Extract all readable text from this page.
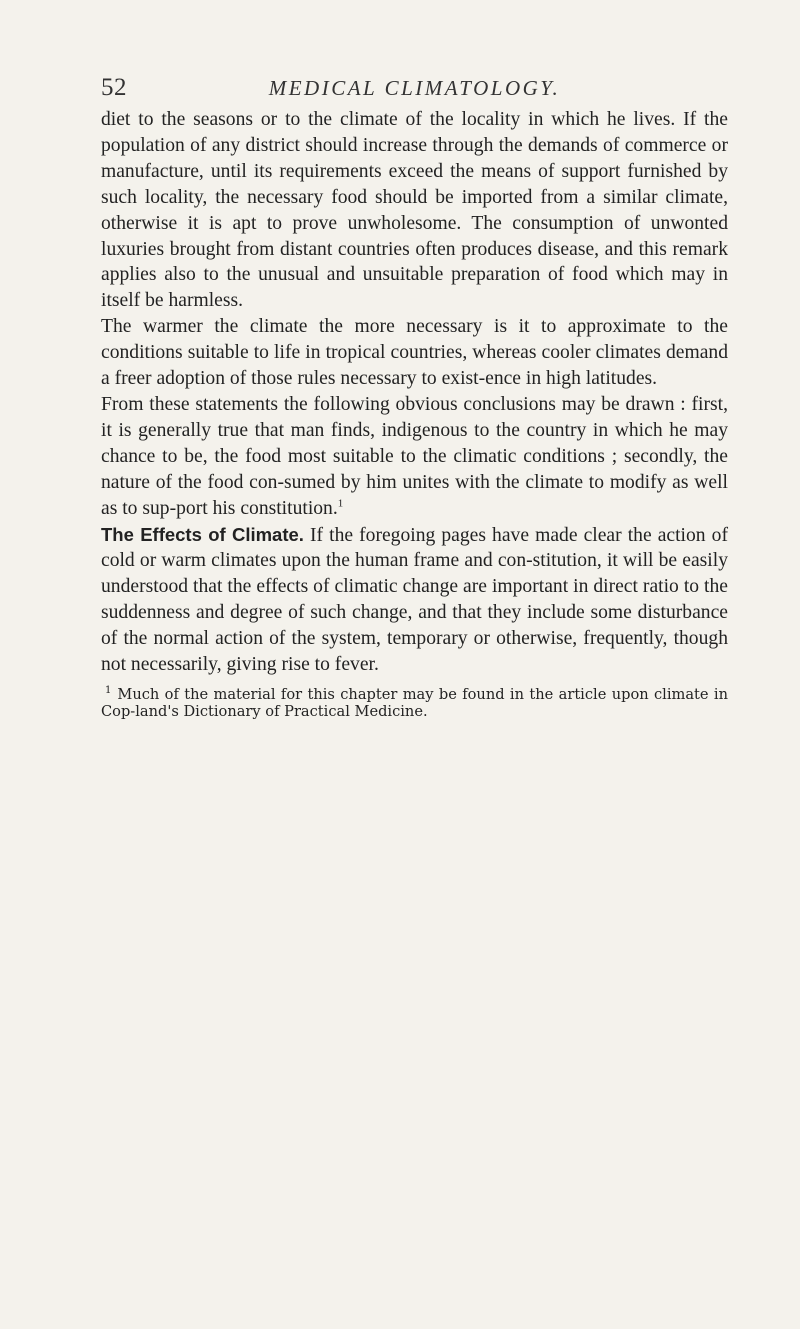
52	MEDICAL CLIMATOLOGY.

diet to the seasons or to the climate of the locality in which he lives. If the population of any district should increase through the demands of commerce or manufacture, until its requirements exceed the means of support furnished by such locality, the necessary food should be imported from a similar climate, otherwise it is apt to prove unwholesome. The consumption of unwonted luxuries brought from distant countries often produces disease, and this remark applies also to the unusual and unsuitable preparation of food which may in itself be harmless.

The warmer the climate the more necessary is it to approximate to the conditions suitable to life in tropical countries, whereas cooler climates demand a freer adoption of those rules necessary to exist-ence in high latitudes.

From these statements the following obvious conclusions may be drawn : first, it is generally true that man finds, indigenous to the country in which he may chance to be, the food most suitable to the climatic conditions ; secondly, the nature of the food con-sumed by him unites with the climate to modify as well as to sup-port his constitution.$^1$

The Effects of Climate. If the foregoing pages have made clear the action of cold or warm climates upon the human frame and con-stitution, it will be easily understood that the effects of climatic change are important in direct ratio to the suddenness and degree of such change, and that they include some disturbance of the normal action of the system, temporary or otherwise, frequently, though not necessarily, giving rise to fever.

$^1$ Much of the material for this chapter may be found in the article upon climate in Cop-land's Dictionary of Practical Medicine.
